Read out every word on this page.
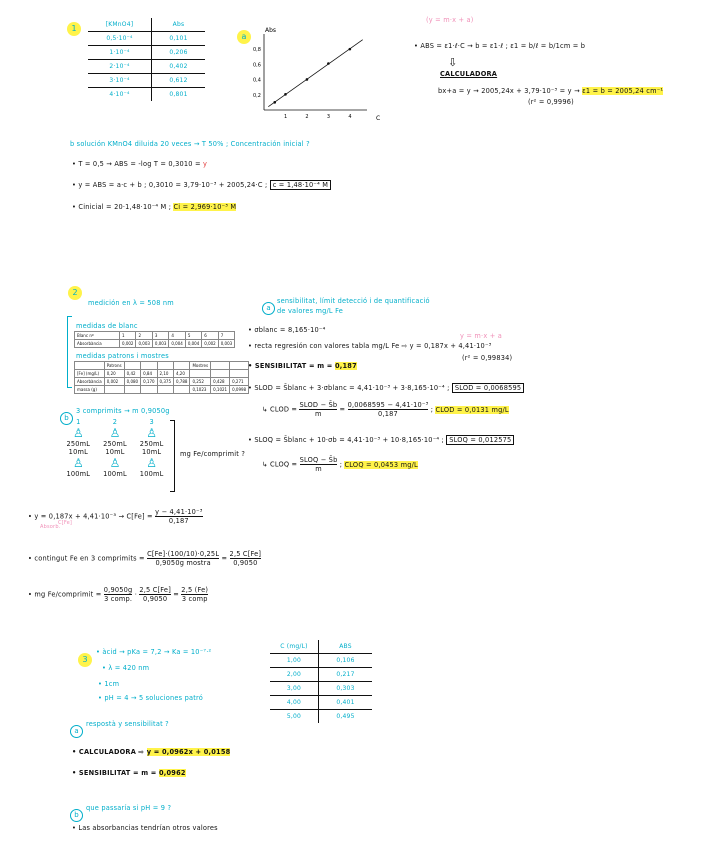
1	[KMnO4]	Abs
0,5·10⁻⁴	0,101
1·10⁻⁴	0,206
2·10⁻⁴	0,402
3·10⁻⁴	0,612
4·10⁻⁴	0,801
a
Abs
0,2
0,4
0,6
0,8
1	2	3	4	C
(y = m·x + a)
• ABS = ε1·ℓ·C → b = ε1·ℓ ; ε1 = b/ℓ = b/1cm = b
⇩
CALCULADORA
bx+a = y → 2005,24x + 3,79·10⁻³ = y → ε1 = b = 2005,24 cm⁻¹
(r² = 0,9996)
b solución KMnO4 diluida 20 veces → T 50% ; Concentración inicial ?
• T = 0,5 → ABS = -log T = 0,3010 = y
• y = ABS = a·c + b ; 0,3010 = 3,79·10⁻³ + 2005,24·C ; c = 1,48·10⁻⁴ M
• Cinicial = 20·1,48·10⁻⁴ M ; Ci = 2,969·10⁻³ M
2
medición en λ = 508 nm
medidas de blanc
Blanc nº	1	2	3	4	5	6	7
Absorbància	0,002	0,003	0,003	0,004	0,004	0,002	0,003
medidas patrons i mostres
	Patrons					Mostres		
[Fe] (mg/L)	0,20	0,42	0,84	2,10	4,20			
Absorbància	0,002	0,080	0,170	0,375	0,788	0,252	0,428	0,271
massa (g)						0,1023	0,1021	0,0998
a
sensibilitat, límit detecció i de quantificació
de valores mg/L Fe
• σblanc = 8,165·10⁻⁴
• recta regresión con valores tabla mg/L Fe ⇨ y = 0,187x + 4,41·10⁻³
y = m·x + a
(r² = 0,99834)
• SENSIBILITAT = m = 0,187
• SLOD = S̄blanc + 3·σblanc = 4,41·10⁻³ + 3·8,165·10⁻⁴ ; SLOD = 0,0068595
↳ CLOD = $\frac{\text{SLOD − S̄b}}{m} = \frac{\text{0,0068595 − 4,41·10⁻³}}{0,187}$ ; CLOD = 0,0131 mg/L
• SLOQ = S̄blanc + 10·σb = 4,41·10⁻³ + 10·8,165·10⁻⁴ ; SLOQ = 0,012575
↳ CLOQ = $\frac{\text{SLOQ − S̄b}}{m}$ ; CLOQ = 0,0453 mg/L
b
3 comprimits → m 0,9050g
1	2	3
♙ ♙ ♙
250mL 250mL 250mL
10mL	10mL	10mL
♙ ♙ ♙
100mL 100mL 100mL
mg Fe/comprimit ?
• $y = 0,187x + 4,41\cdot 10^{-3} \to C[Fe] = \frac{\text{y − 4,41·10⁻³}}{0,187}$
Absorb.
C[Fe]
• contingut Fe en 3 comprimits = $\frac{C[Fe]\cdot(100/10)\cdot 0,25L}{\text{0,9050g mostra}} = \frac{2,5 C[Fe]}{0,9050}$
• mg Fe/comprimit = $\frac{0,9050g}{\text{3 comp.}} \cdot \frac{2,5 C[Fe]}{0,9050} = \frac{2,5 (Fe)}{\text{3 comp}}$
3
• àcid → pKa = 7,2 → Ka = 10⁻⁷·²
• λ = 420 nm
• 1cm
• pH = 4 → 5 soluciones patró
C (mg/L)	ABS
1,00	0,106
2,00	0,217
3,00	0,303
4,00	0,401
5,00	0,495
a
respostà y sensibilitat ?
• CALCULADORA ⇨ y = 0,0962x + 0,0158
• SENSIBILITAT = m = 0,0962
b
que passaría si pH = 9 ?
• Las absorbancias tendrían otros valores
